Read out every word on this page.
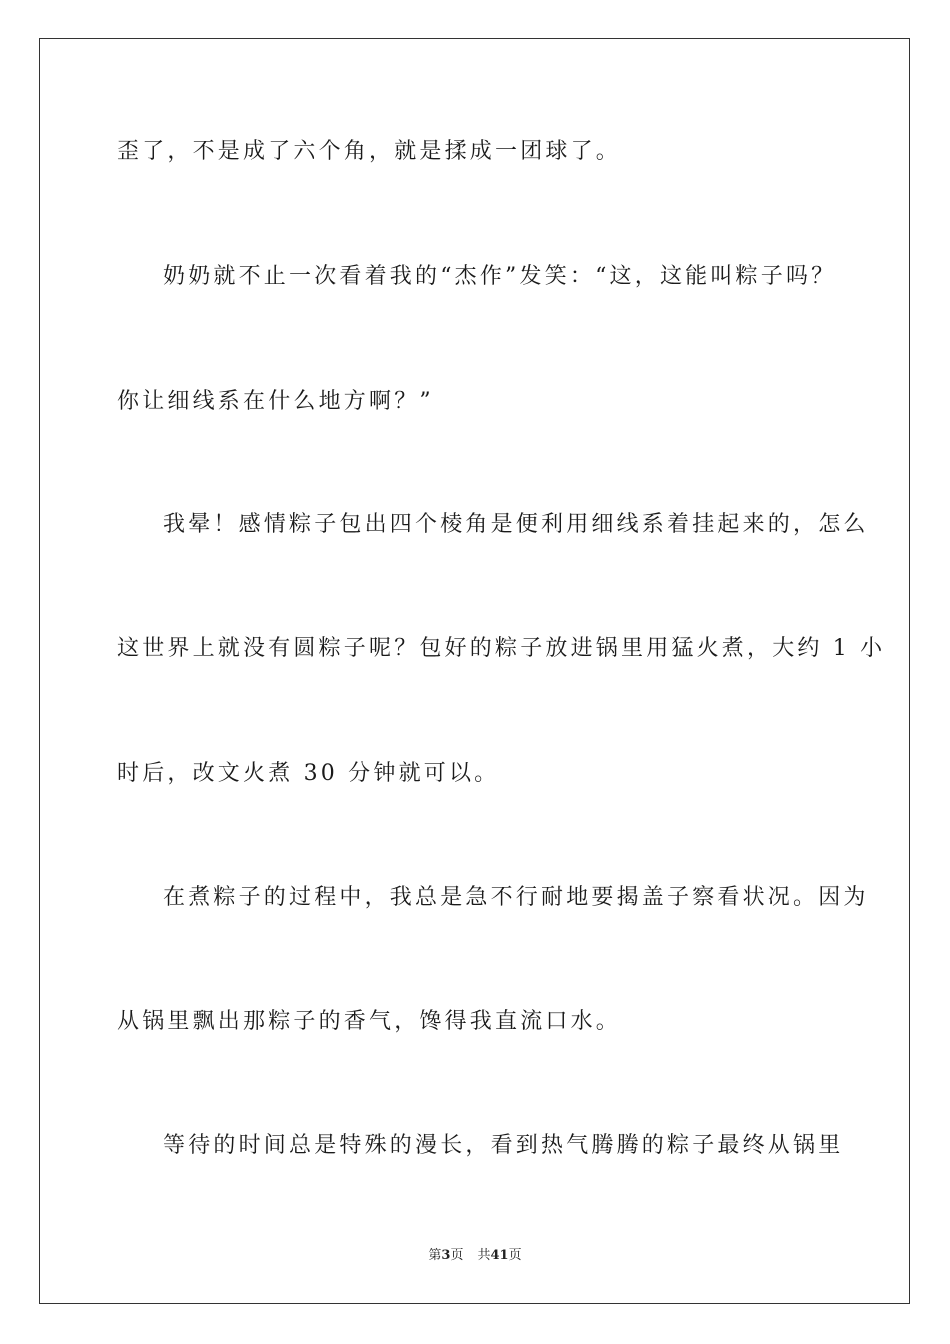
歪了，不是成了六个角，就是揉成一团球了。

奶奶就不止一次看着我的“杰作”发笑：“这，这能叫粽子吗？

你让细线系在什么地方啊？”

我晕！感情粽子包出四个棱角是便利用细线系着挂起来的，怎么

这世界上就没有圆粽子呢？包好的粽子放进锅里用猛火煮，大约 1 小

时后，改文火煮 30 分钟就可以。

在煮粽子的过程中，我总是急不行耐地要揭盖子察看状况。因为

从锅里飘出那粽子的香气，馋得我直流口水。

等待的时间总是特殊的漫长，看到热气腾腾的粽子最终从锅里

第3页 共41页
